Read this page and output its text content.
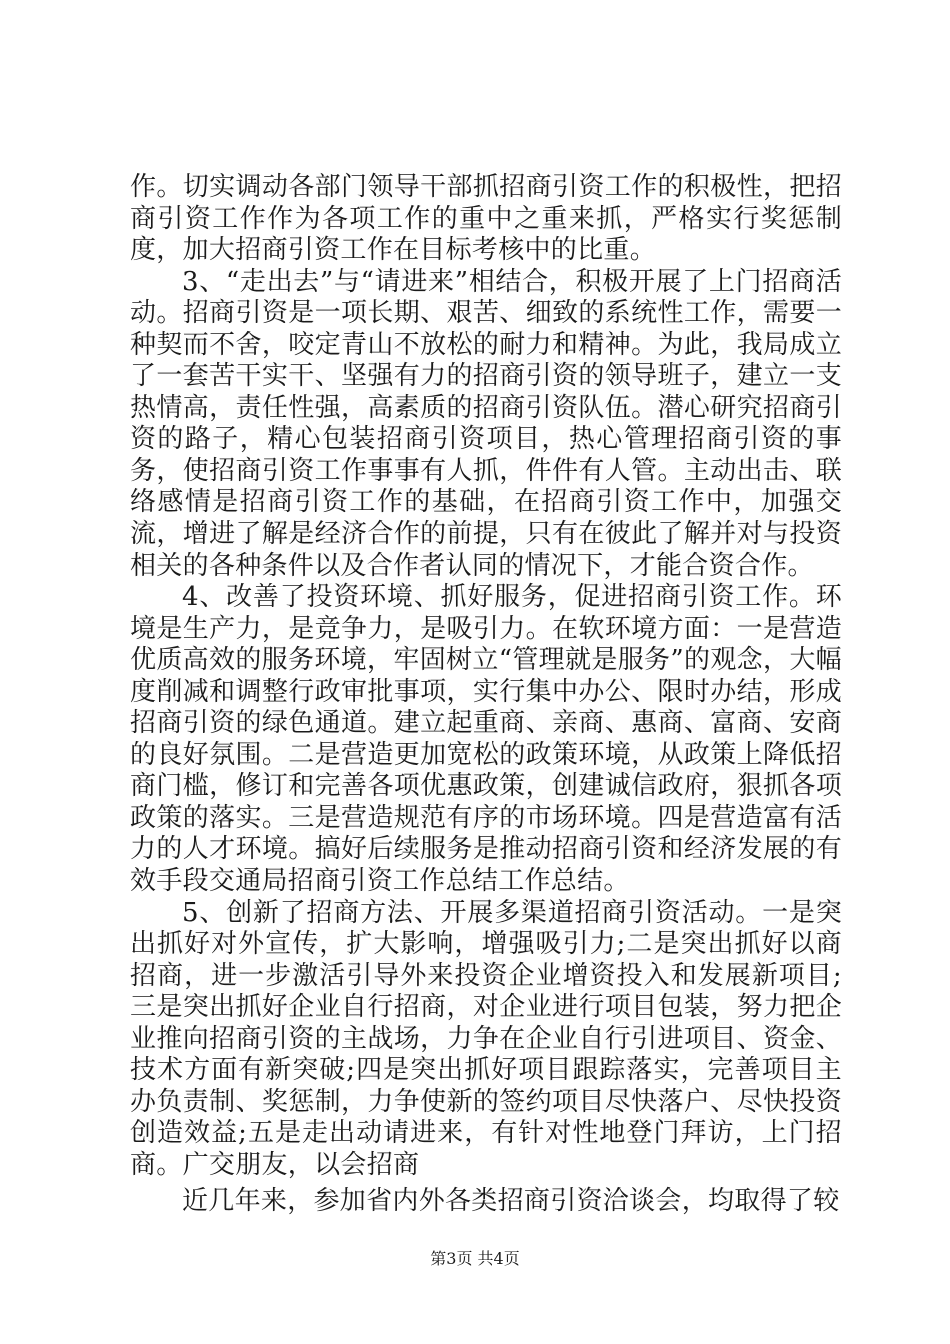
作。切实调动各部门领导干部抓招商引资工作的积极性，把招商引资工作作为各项工作的重中之重来抓，严格实行奖惩制度，加大招商引资工作在目标考核中的比重。

3、“走出去”与“请进来”相结合，积极开展了上门招商活动。招商引资是一项长期、艰苦、细致的系统性工作，需要一种契而不舍，咬定青山不放松的耐力和精神。为此，我局成立了一套苦干实干、坚强有力的招商引资的领导班子，建立一支热情高，责任性强，高素质的招商引资队伍。潜心研究招商引资的路子，精心包装招商引资项目，热心管理招商引资的事务，使招商引资工作事事有人抓，件件有人管。主动出击、联络感情是招商引资工作的基础，在招商引资工作中，加强交流，增进了解是经济合作的前提，只有在彼此了解并对与投资相关的各种条件以及合作者认同的情况下，才能合资合作。

4、改善了投资环境、抓好服务，促进招商引资工作。环境是生产力，是竞争力，是吸引力。在软环境方面：一是营造优质高效的服务环境，牢固树立“管理就是服务”的观念，大幅度削减和调整行政审批事项，实行集中办公、限时办结，形成招商引资的绿色通道。建立起重商、亲商、惠商、富商、安商的良好氛围。二是营造更加宽松的政策环境，从政策上降低招商门槛，修订和完善各项优惠政策，创建诚信政府，狠抓各项政策的落实。三是营造规范有序的市场环境。四是营造富有活力的人才环境。搞好后续服务是推动招商引资和经济发展的有效手段交通局招商引资工作总结工作总结。

5、创新了招商方法、开展多渠道招商引资活动。一是突出抓好对外宣传，扩大影响，增强吸引力;二是突出抓好以商招商，进一步激活引导外来投资企业增资投入和发展新项目;三是突出抓好企业自行招商，对企业进行项目包装，努力把企业推向招商引资的主战场，力争在企业自行引进项目、资金、技术方面有新突破;四是突出抓好项目跟踪落实，完善项目主办负责制、奖惩制，力争使新的签约项目尽快落户、尽快投资创造效益;五是走出动请进来，有针对性地登门拜访，上门招商。广交朋友，以会招商

近几年来，参加省内外各类招商引资洽谈会，均取得了较

第3页 共4页
